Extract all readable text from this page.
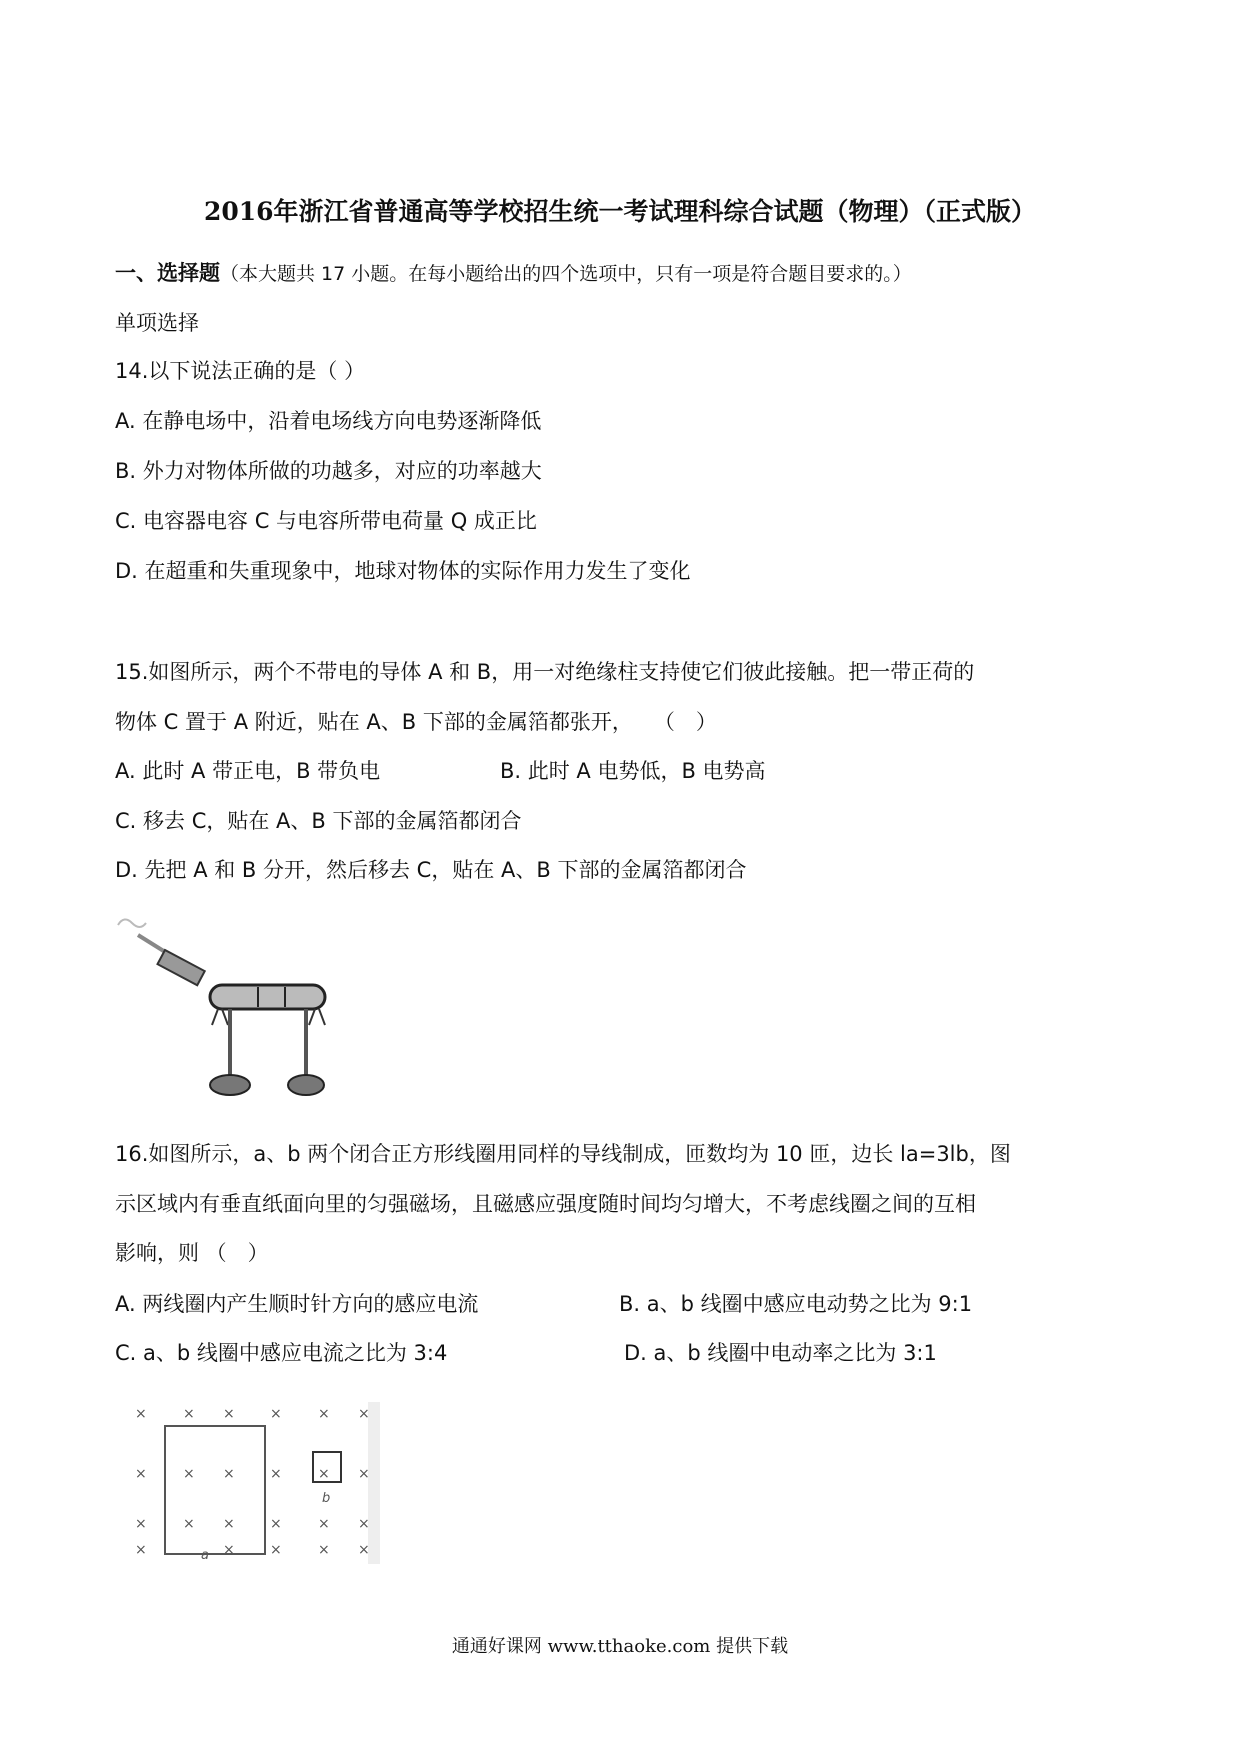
2016年浙江省普通高等学校招生统一考试理科综合试题（物理）（正式版）
一、选择题（本大题共 17 小题。在每小题给出的四个选项中，只有一项是符合题目要求的。）
单项选择
14.以下说法正确的是（ ）
A. 在静电场中，沿着电场线方向电势逐渐降低
B. 外力对物体所做的功越多，对应的功率越大
C. 电容器电容 C 与电容所带电荷量 Q 成正比
D. 在超重和失重现象中，地球对物体的实际作用力发生了变化
15.如图所示，两个不带电的导体 A 和 B，用一对绝缘柱支持使它们彼此接触。把一带正荷的
物体 C 置于 A 附近，贴在 A、B 下部的金属箔都张开，　　（　）
A. 此时 A 带正电，B 带负电	B. 此时 A 电势低，B 电势高
C. 移去 C，贴在 A、B 下部的金属箔都闭合
D. 先把 A 和 B 分开，然后移去 C，贴在 A、B 下部的金属箔都闭合
16.如图所示，a、b 两个闭合正方形线圈用同样的导线制成，匝数均为 10 匝，边长 la=3lb，图
示区域内有垂直纸面向里的匀强磁场，且磁感应强度随时间均匀增大，不考虑线圈之间的互相
影响，则 （　）
A. 两线圈内产生顺时针方向的感应电流	B. a、b 线圈中感应电动势之比为 9:1
C. a、b 线圈中感应电流之比为 3:4	D. a、b 线圈中电动率之比为 3:1
×	× ×	×	× ×
×	× ×	×	× ×
×	× ×	×	× ×
×	×	×	× ×
a
b
通通好课网 www.tthaoke.com 提供下载
